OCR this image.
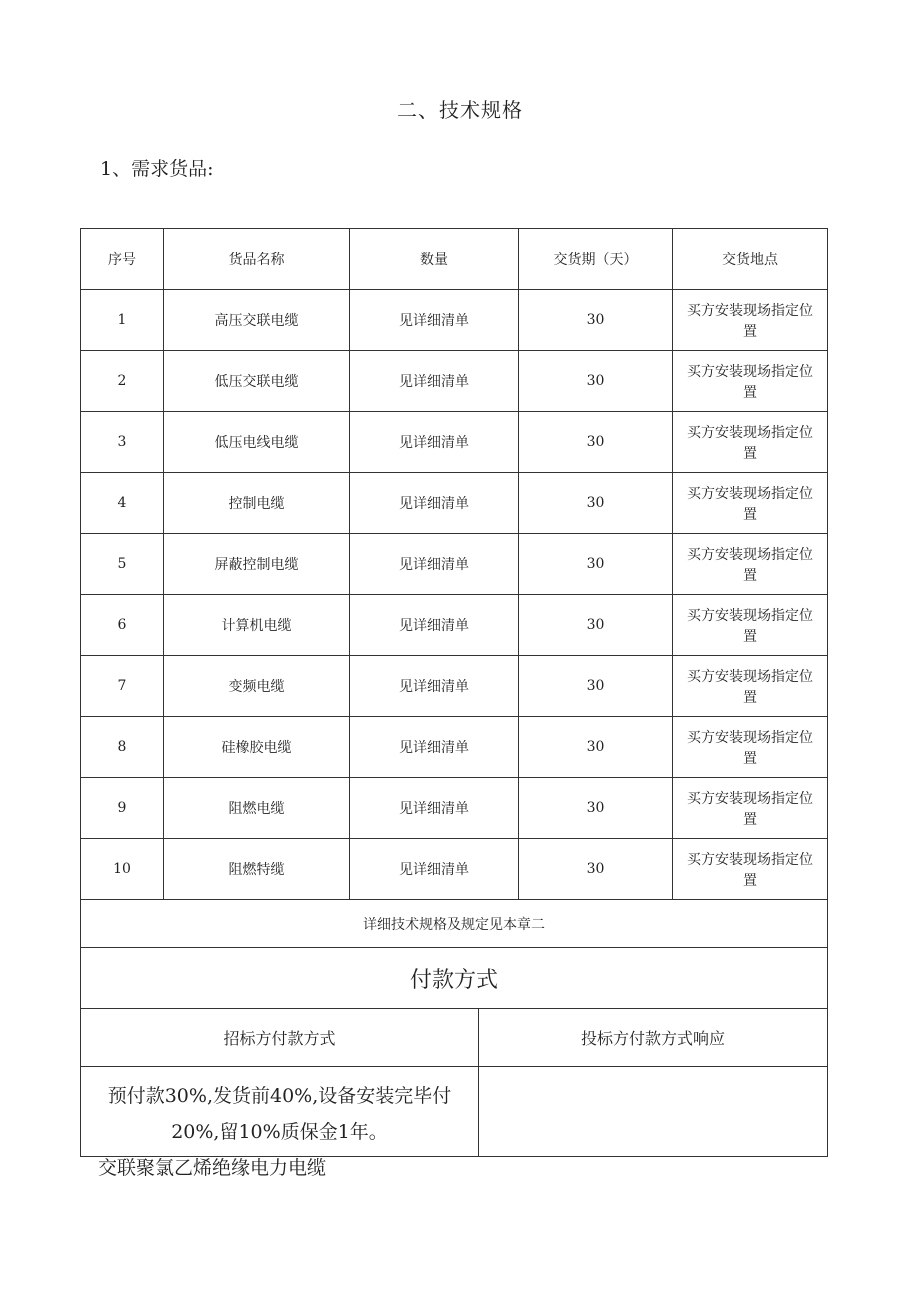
二、技术规格
1、需求货品:
序号	货品名称	数量	交货期（天）	交货地点
1	高压交联电缆	见详细清单	30	买方安装现场指定位
置

2	低压交联电缆	见详细清单	30	买方安装现场指定位
置

3	低压电线电缆	见详细清单	30	买方安装现场指定位
置

4	控制电缆	见详细清单	30	买方安装现场指定位
置

5	屏蔽控制电缆	见详细清单	30	买方安装现场指定位
置

6	计算机电缆	见详细清单	30	买方安装现场指定位
置

7	变频电缆	见详细清单	30	买方安装现场指定位
置

8	硅橡胶电缆	见详细清单	30	买方安装现场指定位
置

9	阻燃电缆	见详细清单	30	买方安装现场指定位
置

10	阻燃特缆	见详细清单	30	买方安装现场指定位
置

详细技术规格及规定见本章二				
付款方式	
招标方付款方式	投标方付款方式响应

预付款30%,发货前40%,设备安装完毕付
20%,留10%质保金1年。	

交联聚氯乙烯绝缘电力电缆
